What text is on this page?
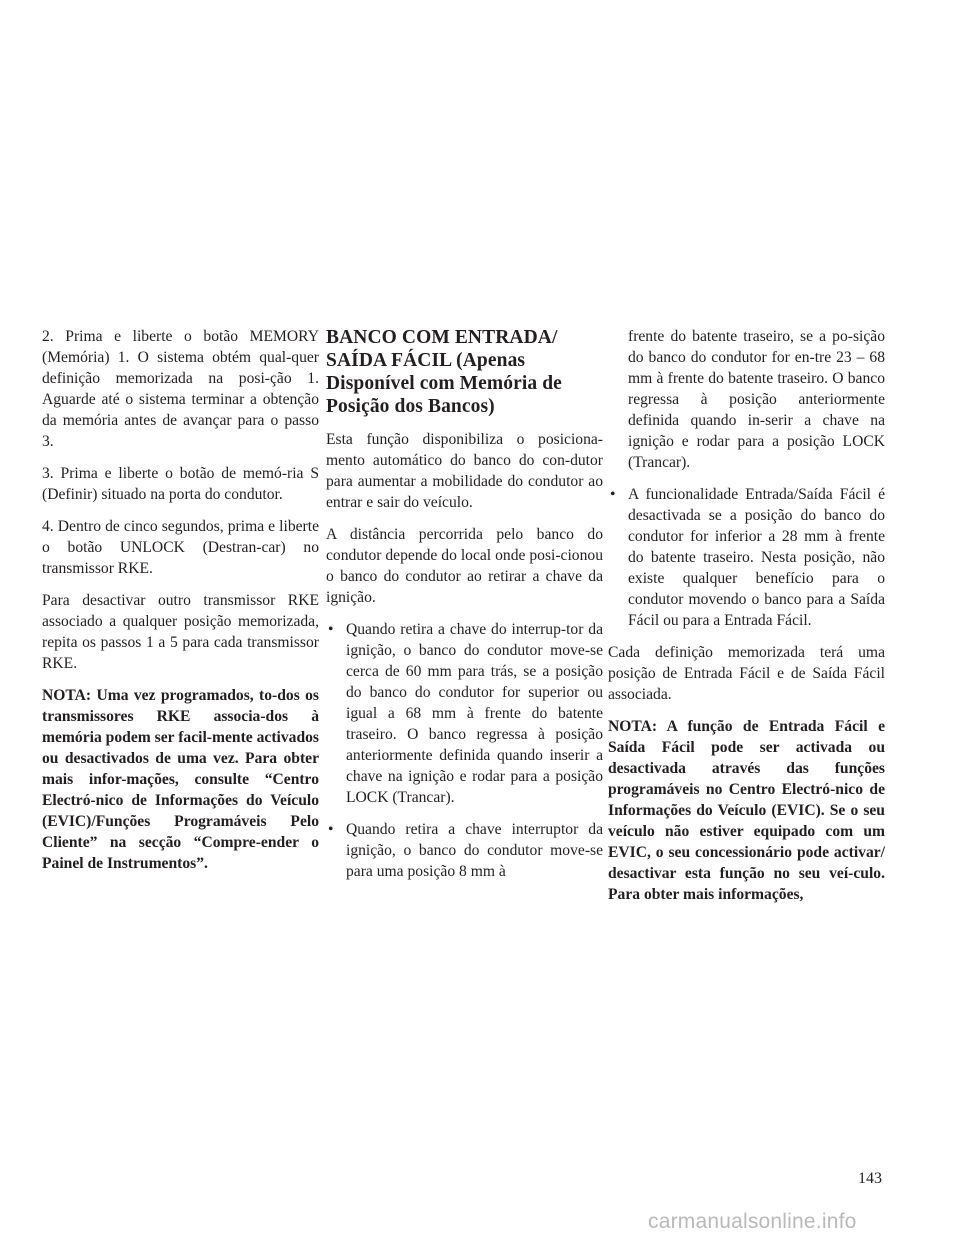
2. Prima e liberte o botão MEMORY (Memória) 1. O sistema obtém qual-quer definição memorizada na posi-ção 1. Aguarde até o sistema terminar a obtenção da memória antes de avançar para o passo 3.

3. Prima e liberte o botão de memó-ria S (Definir) situado na porta do condutor.

4. Dentro de cinco segundos, prima e liberte o botão UNLOCK (Destran-car) no transmissor RKE.

Para desactivar outro transmissor RKE associado a qualquer posição memorizada, repita os passos 1 a 5 para cada transmissor RKE.

NOTA: Uma vez programados, to-dos os transmissores RKE associa-dos à memória podem ser facil-mente activados ou desactivados de uma vez. Para obter mais infor-mações, consulte “Centro Electró-nico de Informações do Veículo (EVIC)/Funções Programáveis Pelo Cliente” na secção “Compre-ender o Painel de Instrumentos”.

BANCO COM ENTRADA/ SAÍDA FÁCIL (Apenas Disponível com Memória de Posição dos Bancos)

Esta função disponibiliza o posiciona-mento automático do banco do con-dutor para aumentar a mobilidade do condutor ao entrar e sair do veículo.

A distância percorrida pelo banco do condutor depende do local onde posi-cionou o banco do condutor ao retirar a chave da ignição.

• Quando retira a chave do interrup-tor da ignição, o banco do condutor move-se cerca de 60 mm para trás, se a posição do banco do condutor for superior ou igual a 68 mm à frente do batente traseiro. O banco regressa à posição anteriormente definida quando inserir a chave na ignição e rodar para a posição LOCK (Trancar).
• Quando retira a chave interruptor da ignição, o banco do condutor move-se para uma posição 8 mm à

frente do batente traseiro, se a po-sição do banco do condutor for en-tre 23 – 68 mm à frente do batente traseiro. O banco regressa à posição anteriormente definida quando in-serir a chave na ignição e rodar para a posição LOCK (Trancar).

• A funcionalidade Entrada/Saída Fácil é desactivada se a posição do banco do condutor for inferior a 28 mm à frente do batente traseiro. Nesta posição, não existe qualquer benefício para o condutor movendo o banco para a Saída Fácil ou para a Entrada Fácil.

Cada definição memorizada terá uma posição de Entrada Fácil e de Saída Fácil associada.

NOTA: A função de Entrada Fácil e Saída Fácil pode ser activada ou desactivada através das funções programáveis no Centro Electró-nico de Informações do Veículo (EVIC). Se o seu veículo não estiver equipado com um EVIC, o seu concessionário pode activar/ desactivar esta função no seu veí-culo. Para obter mais informações,

143
carmanualsonline.info
